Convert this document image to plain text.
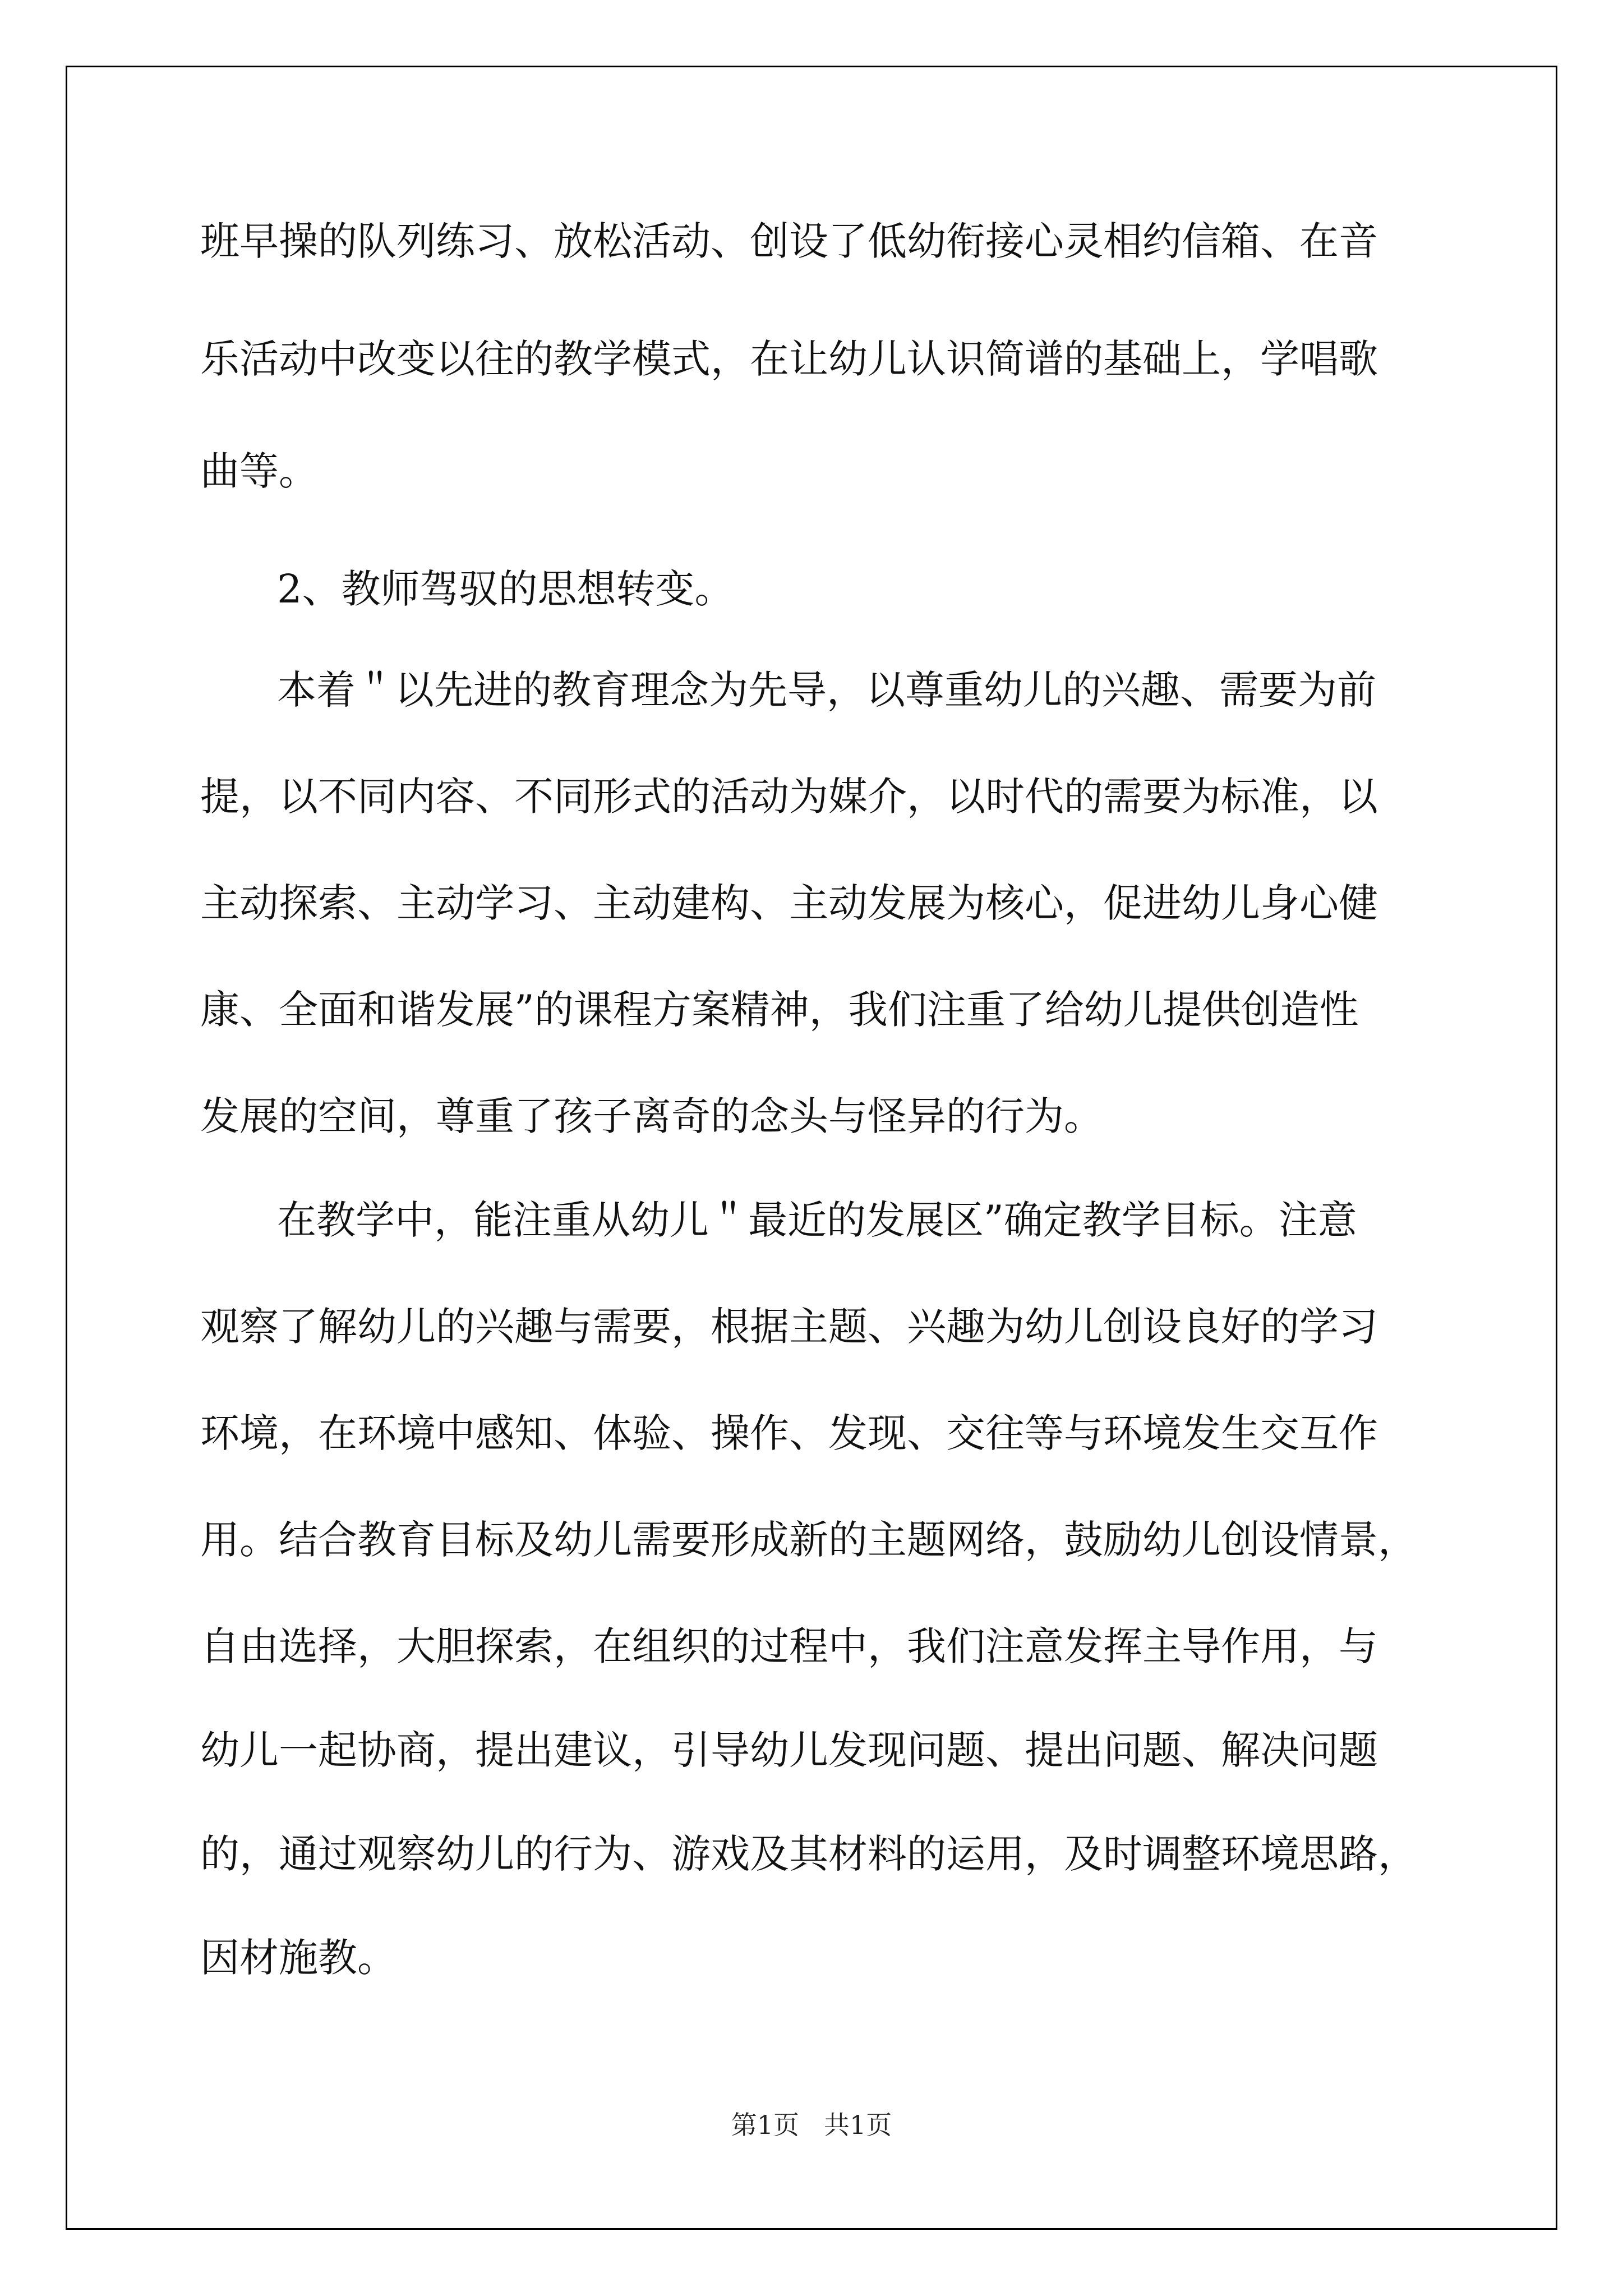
班早操的队列练习、放松活动、创设了低幼衔接心灵相约信箱、在音

乐活动中改变以往的教学模式，在让幼儿认识简谱的基础上，学唱歌

曲等。

2、教师驾驭的思想转变。

本着＂以先进的教育理念为先导，以尊重幼儿的兴趣、需要为前

提，以不同内容、不同形式的活动为媒介，以时代的需要为标准，以

主动探索、主动学习、主动建构、主动发展为核心，促进幼儿身心健

康、全面和谐发展”的课程方案精神，我们注重了给幼儿提供创造性

发展的空间，尊重了孩子离奇的念头与怪异的行为。

在教学中，能注重从幼儿＂最近的发展区”确定教学目标。注意

观察了解幼儿的兴趣与需要，根据主题、兴趣为幼儿创设良好的学习

环境，在环境中感知、体验、操作、发现、交往等与环境发生交互作

用。结合教育目标及幼儿需要形成新的主题网络，鼓励幼儿创设情景，

自由选择，大胆探索，在组织的过程中，我们注意发挥主导作用，与

幼儿一起协商，提出建议，引导幼儿发现问题、提出问题、解决问题

的，通过观察幼儿的行为、游戏及其材料的运用，及时调整环境思路，

因材施教。

第1页 共1页
